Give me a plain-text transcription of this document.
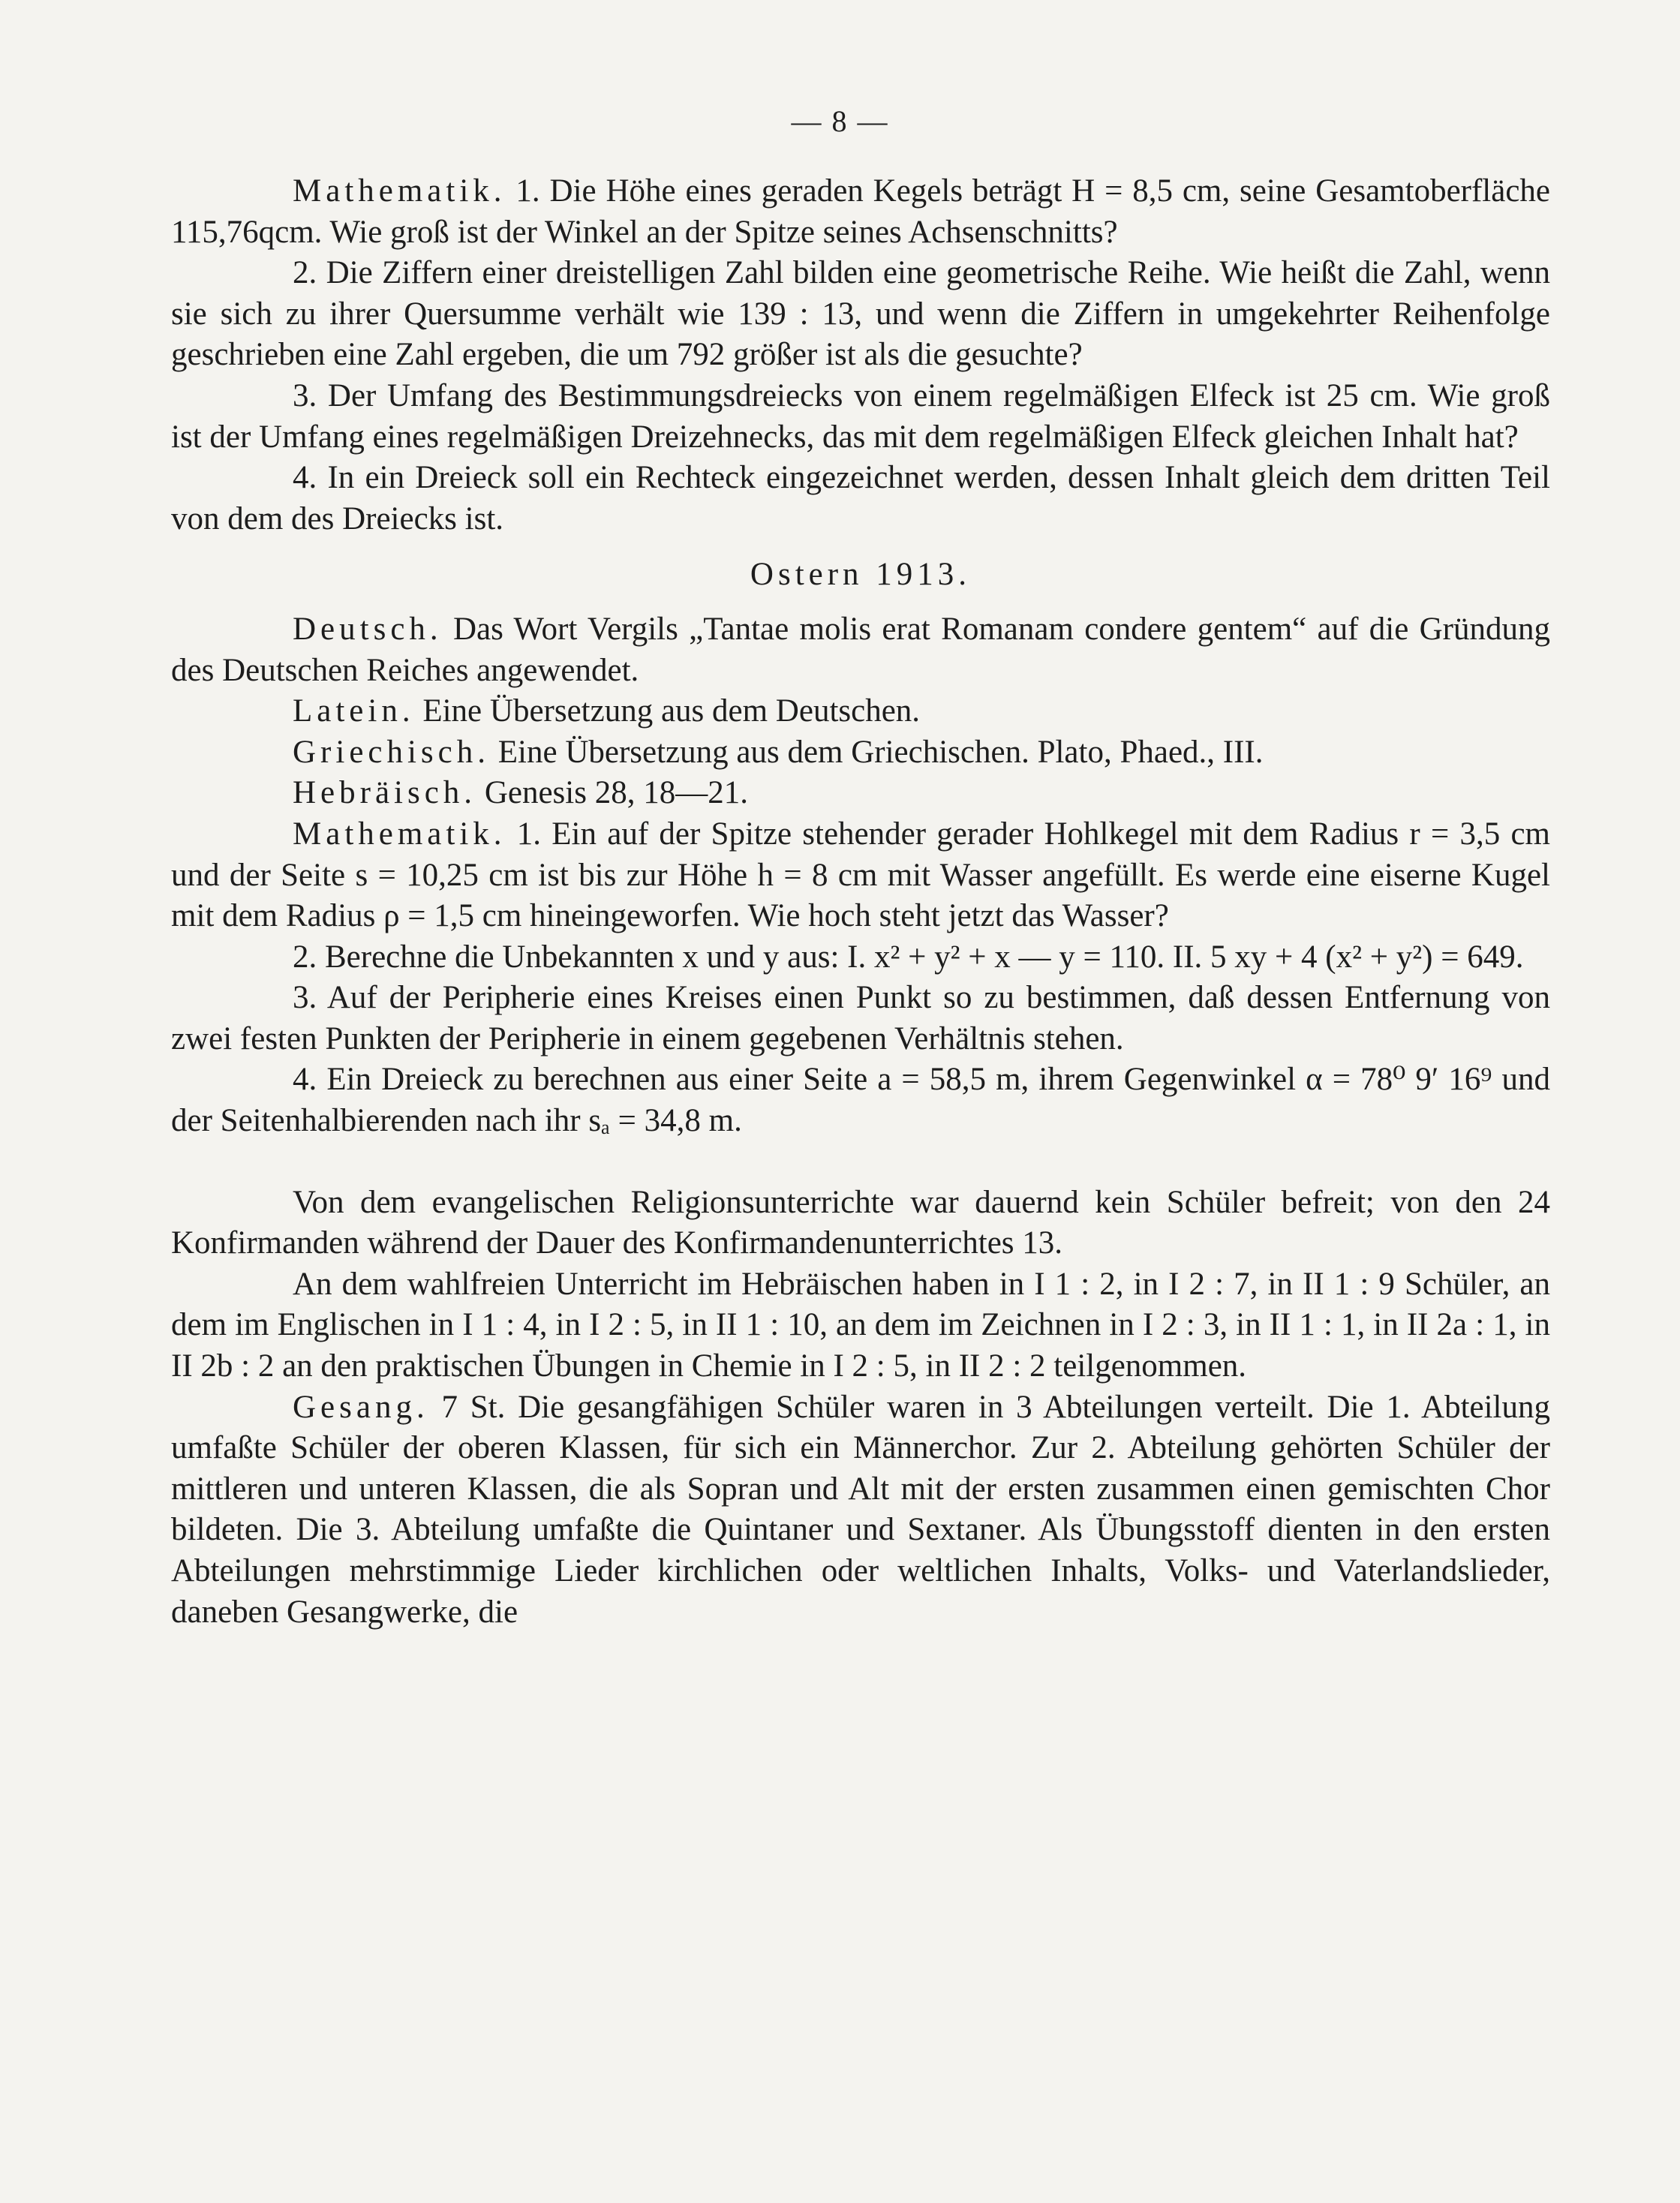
— 8 —

Mathematik. 1. Die Höhe eines geraden Kegels beträgt H = 8,5 cm, seine Gesamtoberfläche 115,76qcm. Wie groß ist der Winkel an der Spitze seines Achsenschnitts?

2. Die Ziffern einer dreistelligen Zahl bilden eine geometrische Reihe. Wie heißt die Zahl, wenn sie sich zu ihrer Quersumme verhält wie 139 : 13, und wenn die Ziffern in umgekehrter Reihenfolge geschrieben eine Zahl ergeben, die um 792 größer ist als die gesuchte?

3. Der Umfang des Bestimmungsdreiecks von einem regelmäßigen Elfeck ist 25 cm. Wie groß ist der Umfang eines regelmäßigen Dreizehnecks, das mit dem regelmäßigen Elfeck gleichen Inhalt hat?

4. In ein Dreieck soll ein Rechteck eingezeichnet werden, dessen Inhalt gleich dem dritten Teil von dem des Dreiecks ist.

Ostern 1913.

Deutsch. Das Wort Vergils „Tantae molis erat Romanam condere gentem“ auf die Gründung des Deutschen Reiches angewendet.

Latein. Eine Übersetzung aus dem Deutschen.

Griechisch. Eine Übersetzung aus dem Griechischen. Plato, Phaed., III.

Hebräisch. Genesis 28, 18—21.

Mathematik. 1. Ein auf der Spitze stehender gerader Hohlkegel mit dem Radius r = 3,5 cm und der Seite s = 10,25 cm ist bis zur Höhe h = 8 cm mit Wasser angefüllt. Es werde eine eiserne Kugel mit dem Radius ρ = 1,5 cm hineingeworfen. Wie hoch steht jetzt das Wasser?

2. Berechne die Unbekannten x und y aus: I. x² + y² + x — y = 110. II. 5 xy + 4 (x² + y²) = 649.

3. Auf der Peripherie eines Kreises einen Punkt so zu bestimmen, daß dessen Entfernung von zwei festen Punkten der Peripherie in einem gegebenen Verhältnis stehen.

4. Ein Dreieck zu berechnen aus einer Seite a = 58,5 m, ihrem Gegenwinkel α = 78⁰ 9′ 16⁹ und der Seitenhalbierenden nach ihr sₐ = 34,8 m.

Von dem evangelischen Religionsunterrichte war dauernd kein Schüler befreit; von den 24 Konfirmanden während der Dauer des Konfirmandenunterrichtes 13.

An dem wahlfreien Unterricht im Hebräischen haben in I 1 : 2, in I 2 : 7, in II 1 : 9 Schüler, an dem im Englischen in I 1 : 4, in I 2 : 5, in II 1 : 10, an dem im Zeichnen in I 2 : 3, in II 1 : 1, in II 2a : 1, in II 2b : 2 an den praktischen Übungen in Chemie in I 2 : 5, in II 2 : 2 teilgenommen.

Gesang. 7 St. Die gesangfähigen Schüler waren in 3 Abteilungen verteilt. Die 1. Abteilung umfaßte Schüler der oberen Klassen, für sich ein Männerchor. Zur 2. Abteilung gehörten Schüler der mittleren und unteren Klassen, die als Sopran und Alt mit der ersten zusammen einen gemischten Chor bildeten. Die 3. Abteilung umfaßte die Quintaner und Sextaner. Als Übungsstoff dienten in den ersten Abteilungen mehrstimmige Lieder kirchlichen oder weltlichen Inhalts, Volks- und Vaterlandslieder, daneben Gesangwerke, die
